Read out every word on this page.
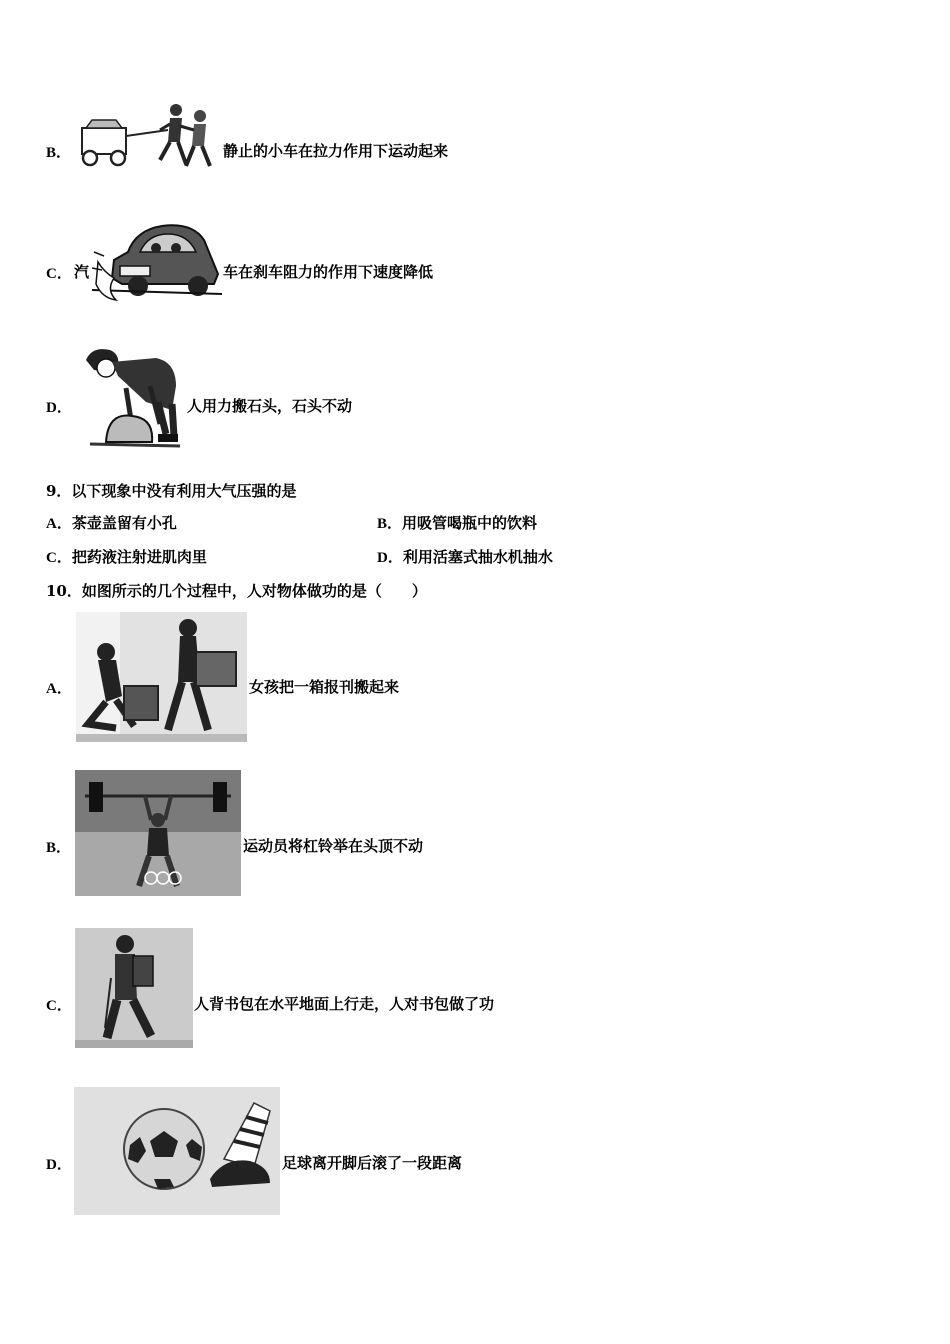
B．	静止的小车在拉力作用下运动起来
C． 汽	车在刹车阻力的作用下速度降低
D．	人用力搬石头，石头不动
9．以下现象中没有利用大气压强的是
A． 茶壶盖留有小孔	B． 用吸管喝瓶中的饮料
C． 把药液注射进肌肉里	D． 利用活塞式抽水机抽水
10．如图所示的几个过程中，人对物体做功的是（　　）
A．	女孩把一箱报刊搬起来
B．	运动员将杠铃举在头顶不动
C．	人背书包在水平地面上行走，人对书包做了功
D．	足球离开脚后滚了一段距离
